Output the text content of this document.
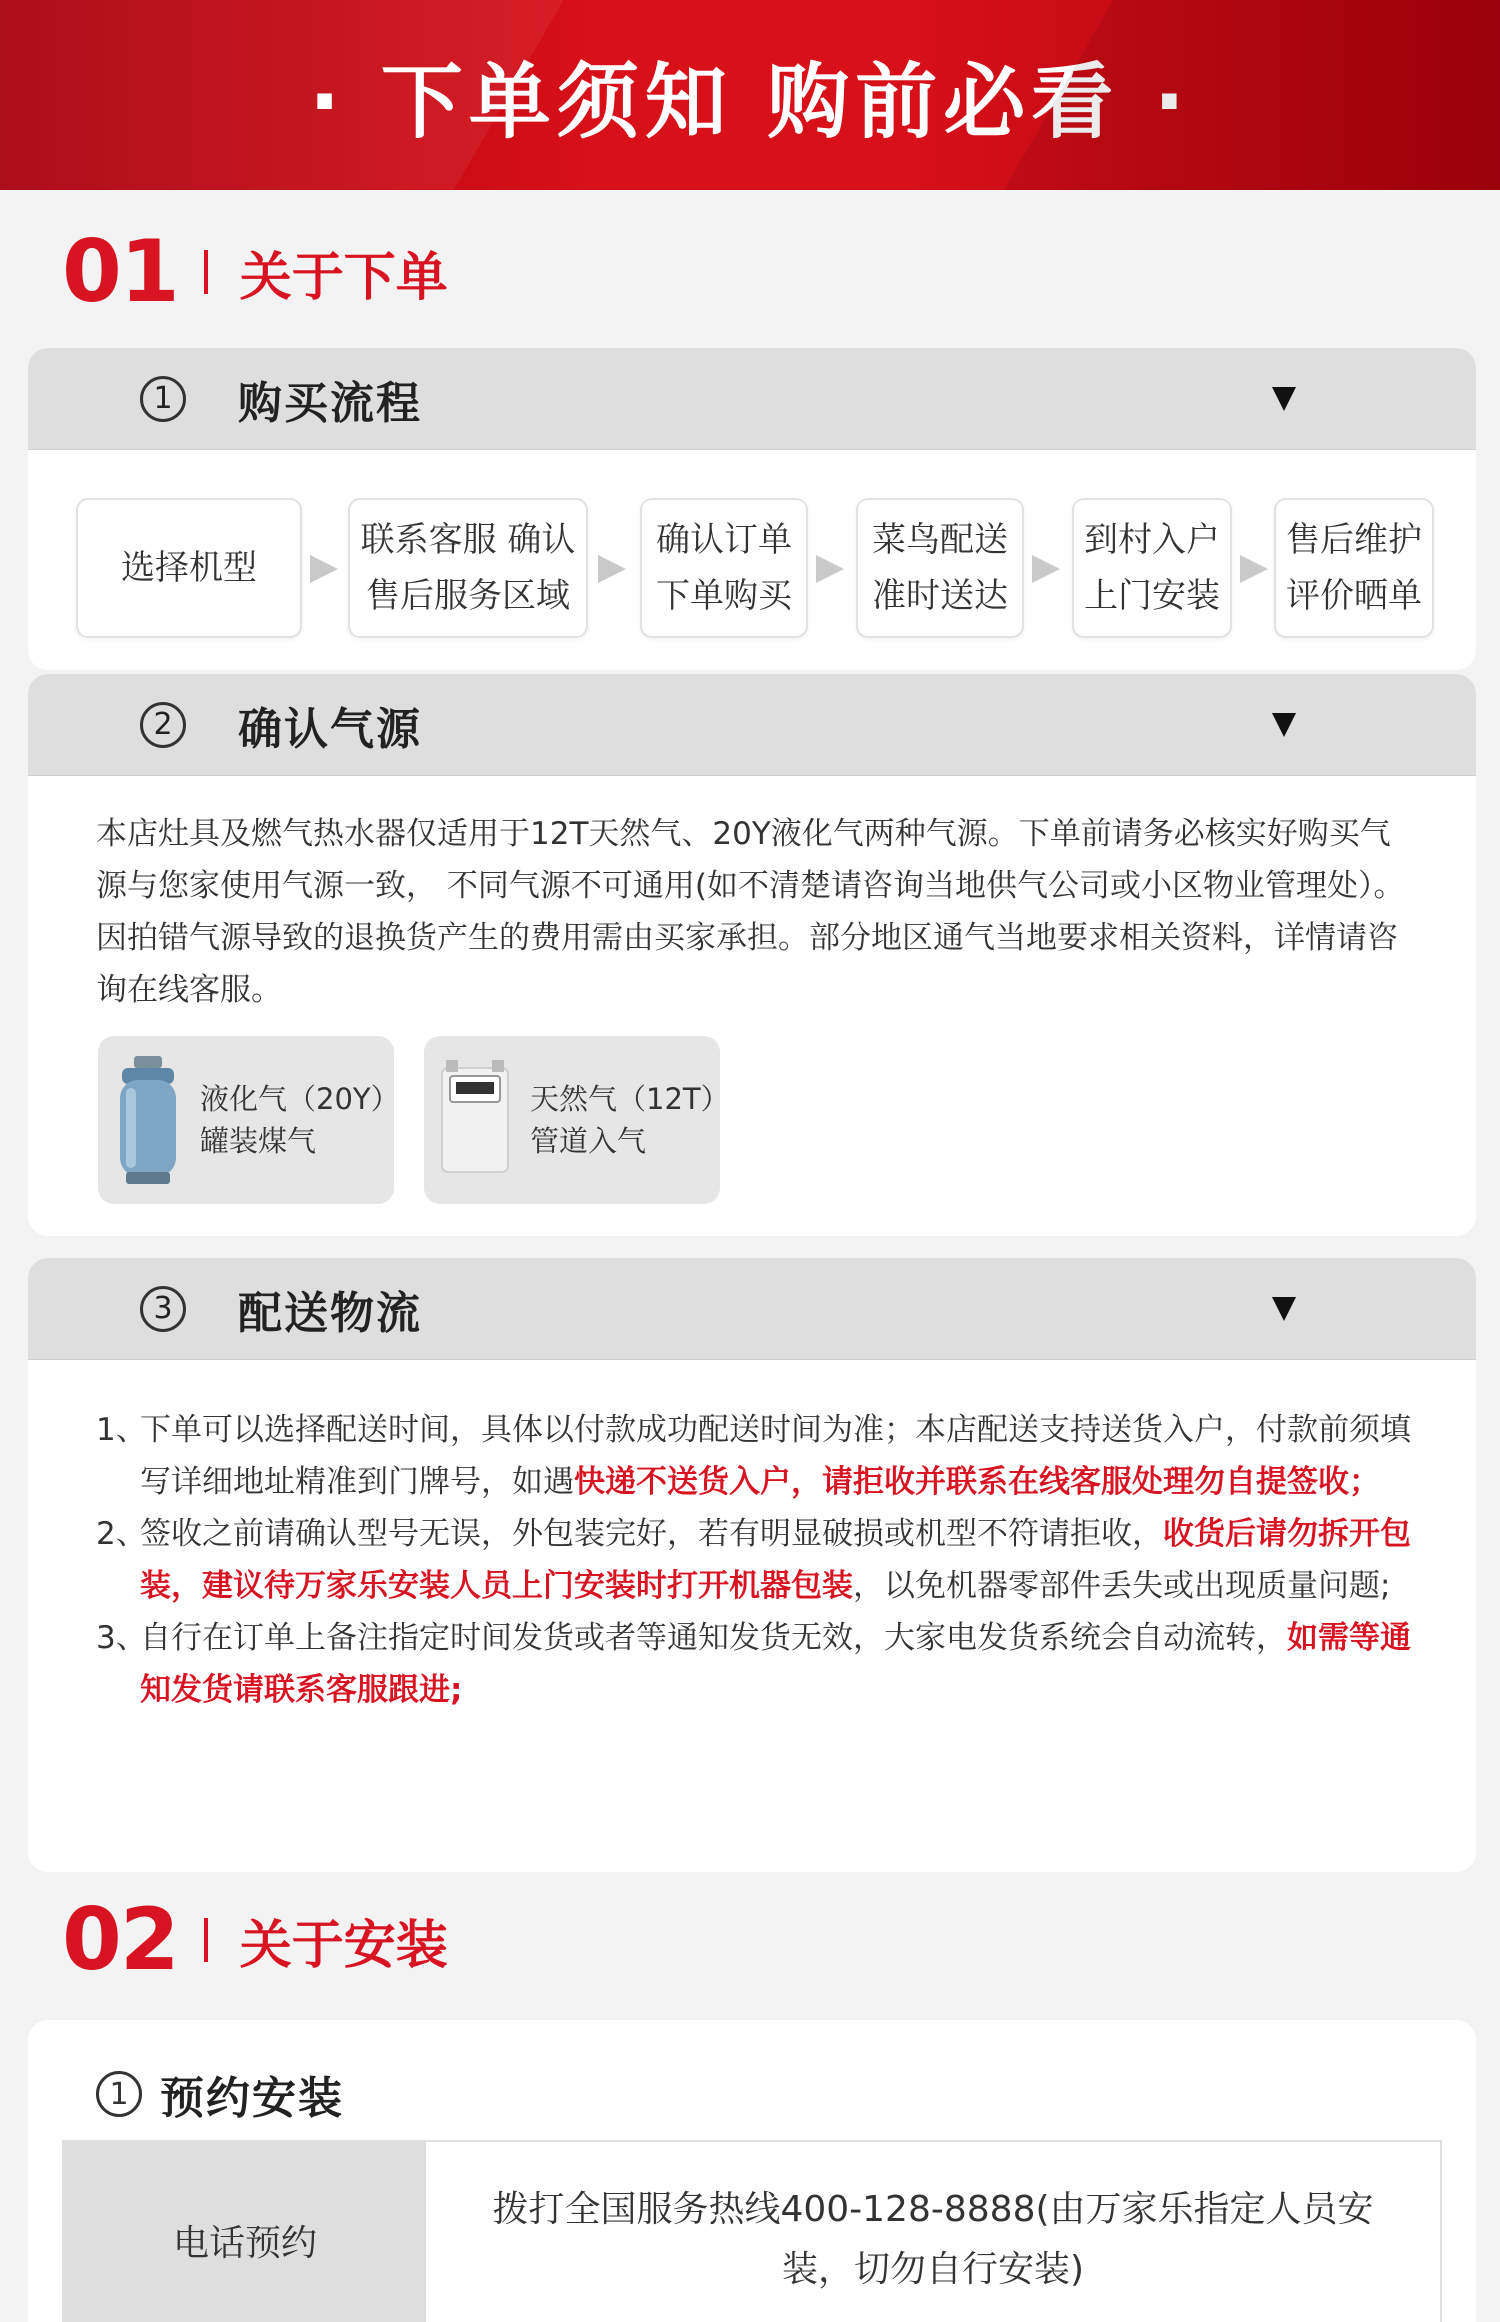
· 下单须知 购前必看 ·
01 关于下单
1	购买流程
选择机型
联系客服 确认
售后服务区域
确认订单
下单购买
菜鸟配送
准时送达
到村入户
上门安装
售后维护
评价晒单
2	确认气源
本店灶具及燃气热水器仅适用于12T天然气、20Y液化气两种气源。下单前请务必核实好购买气源与您家使用气源一致， 不同气源不可通用(如不清楚请咨询当地供气公司或小区物业管理处）。因拍错气源导致的退换货产生的费用需由买家承担。部分地区通气当地要求相关资料，详情请咨询在线客服。
液化气（20Y）
罐装煤气
天然气（12T）
管道入气
3	配送物流
1、
下单可以选择配送时间，具体以付款成功配送时间为准；本店配送支持送货入户，付款前须填写详细地址精准到门牌号，如遇快递不送货入户，请拒收并联系在线客服处理勿自提签收；
2、
签收之前请确认型号无误，外包装完好，若有明显破损或机型不符请拒收，收货后请勿拆开包装，建议待万家乐安装人员上门安装时打开机器包装，以免机器零部件丢失或出现质量问题;
3、
自行在订单上备注指定时间发货或者等通知发货无效，大家电发货系统会自动流转，如需等通知发货请联系客服跟进;
02 关于安装
1 预约安装
电话预约
拨打全国服务热线400-128-8888(由万家乐指定人员安装，切勿自行安装)
